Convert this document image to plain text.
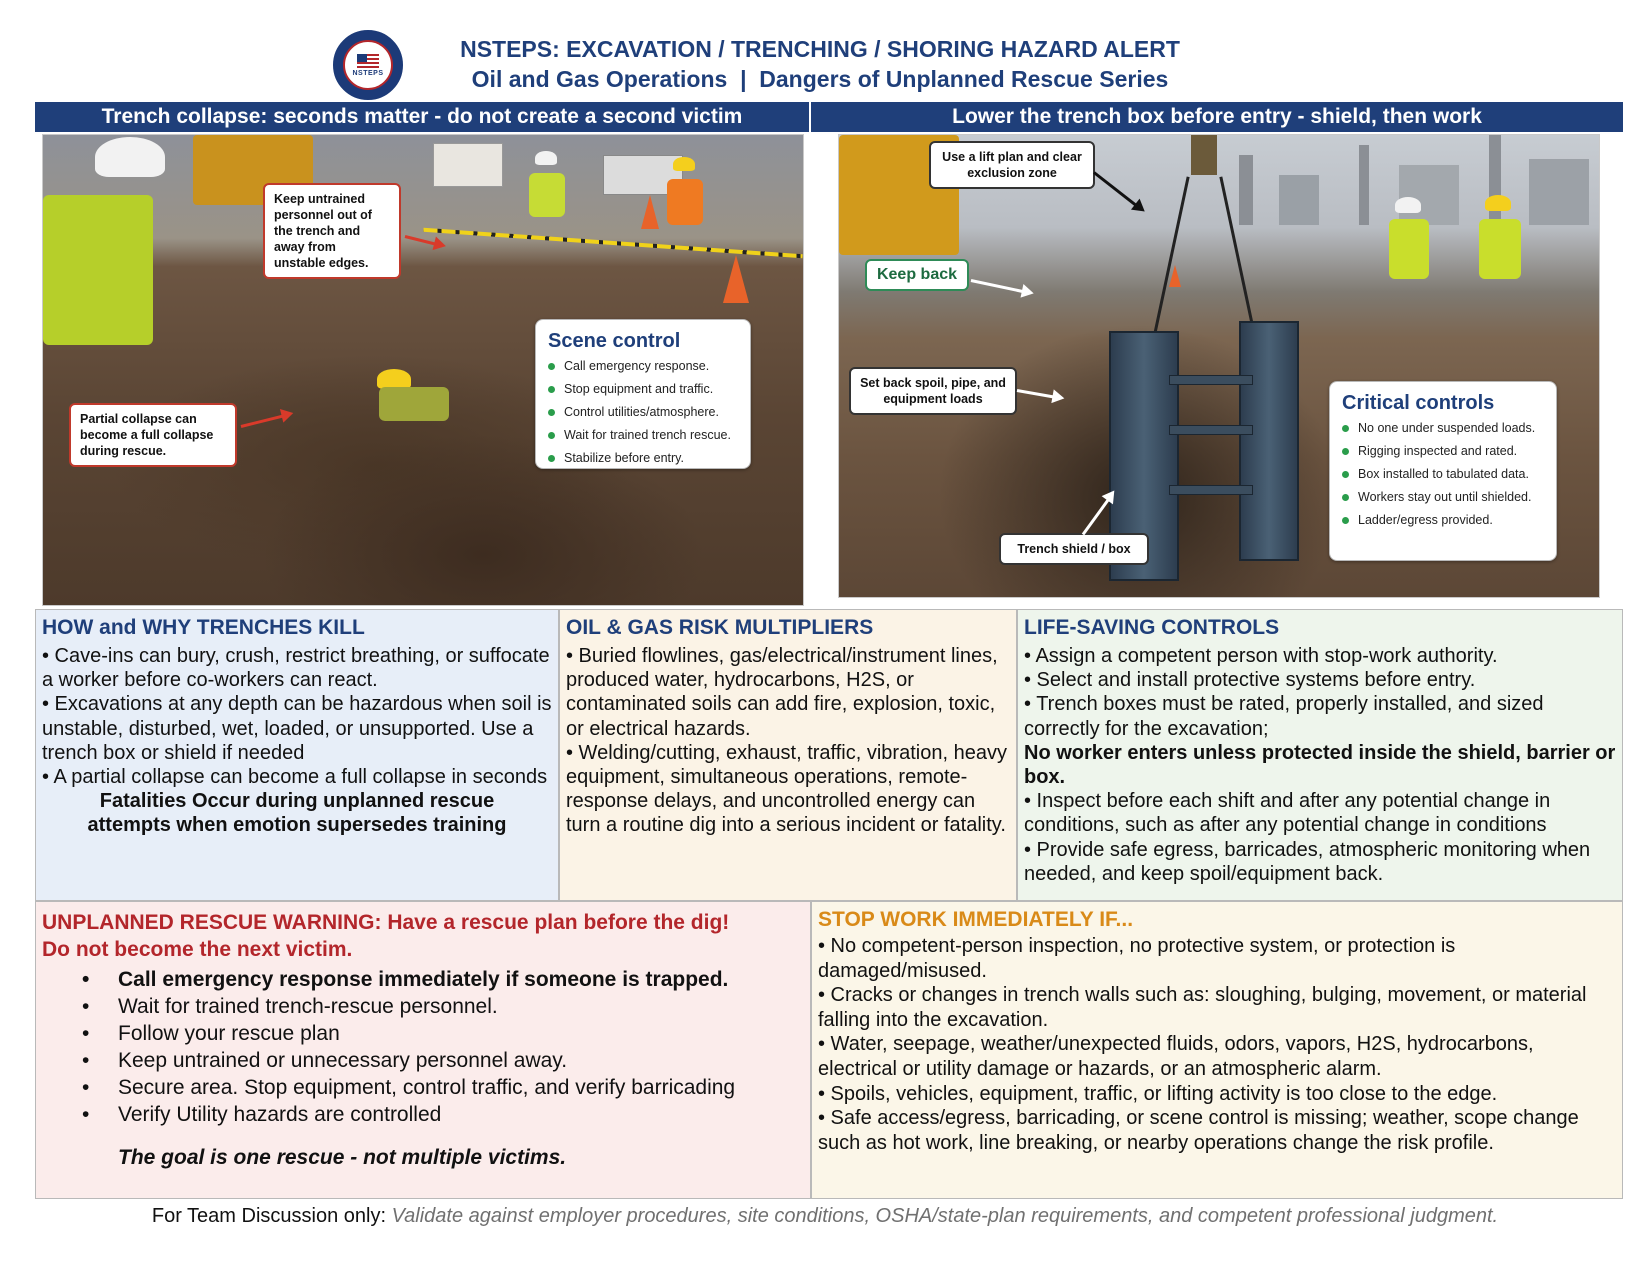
NSTEPS
NSTEPS: EXCAVATION / TRENCHING / SHORING HAZARD ALERT
Oil and Gas Operations  |  Dangers of Unplanned Rescue Series
Trench collapse: seconds matter - do not create a second victim	Lower the trench box before entry - shield, then work
Keep untrained personnel out of the trench and away from unstable edges.
Partial collapse can become a full collapse during rescue.
Scene control
Call emergency response.
Stop equipment and traffic.
Control utilities/atmosphere.
Wait for trained trench rescue.
Stabilize before entry.
Use a lift plan and clear exclusion zone
Keep back
Set back spoil, pipe, and equipment loads
Trench shield / box
Critical controls
No one under suspended loads.
Rigging inspected and rated.
Box installed to tabulated data.
Workers stay out until shielded.
Ladder/egress provided.
HOW and WHY TRENCHES KILL

• Cave-ins can bury, crush, restrict breathing, or suffocate a worker before co-workers can react.

• Excavations at any depth can be hazardous when soil is unstable, disturbed, wet, loaded, or unsupported. Use a trench box or shield if needed

• A partial collapse can become a full collapse in seconds

Fatalities Occur during unplanned rescue attempts when emotion supersedes training

OIL & GAS RISK MULTIPLIERS

• Buried flowlines, gas/electrical/instrument lines, produced water, hydrocarbons, H2S, or contaminated soils can add fire, explosion, toxic, or electrical hazards.

• Welding/cutting, exhaust, traffic, vibration, heavy equipment, simultaneous operations, remote-response delays, and uncontrolled energy can turn a routine dig into a serious incident or fatality.

LIFE-SAVING CONTROLS

• Assign a competent person with stop-work authority.

• Select and install protective systems before entry.

• Trench boxes must be rated, properly installed, and sized correctly for the excavation;

No worker enters unless protected inside the shield, barrier or box.

• Inspect before each shift and after any potential change in conditions, such as after any potential change in conditions

• Provide safe egress, barricades, atmospheric monitoring when needed, and keep spoil/equipment back.

UNPLANNED RESCUE WARNING: Have a rescue plan before the dig!
Do not become the next victim.
• Call emergency response immediately if someone is trapped.
• Wait for trained trench-rescue personnel.
• Follow your rescue plan
• Keep untrained or unnecessary personnel away.
• Secure area. Stop equipment, control traffic, and verify barricading
• Verify Utility hazards are controlled
The goal is one rescue - not multiple victims.
STOP WORK IMMEDIATELY IF...

• No competent-person inspection, no protective system, or protection is damaged/misused.

• Cracks or changes in trench walls such as: sloughing, bulging, movement, or material falling into the excavation.

• Water, seepage, weather/unexpected fluids, odors, vapors, H2S, hydrocarbons, electrical or utility damage or hazards, or an atmospheric alarm.

• Spoils, vehicles, equipment, traffic, or lifting activity is too close to the edge.

• Safe access/egress, barricading, or scene control is missing; weather, scope change such as hot work, line breaking, or nearby operations change the risk profile.

For Team Discussion only: Validate against employer procedures, site conditions, OSHA/state-plan requirements, and competent professional judgment.
